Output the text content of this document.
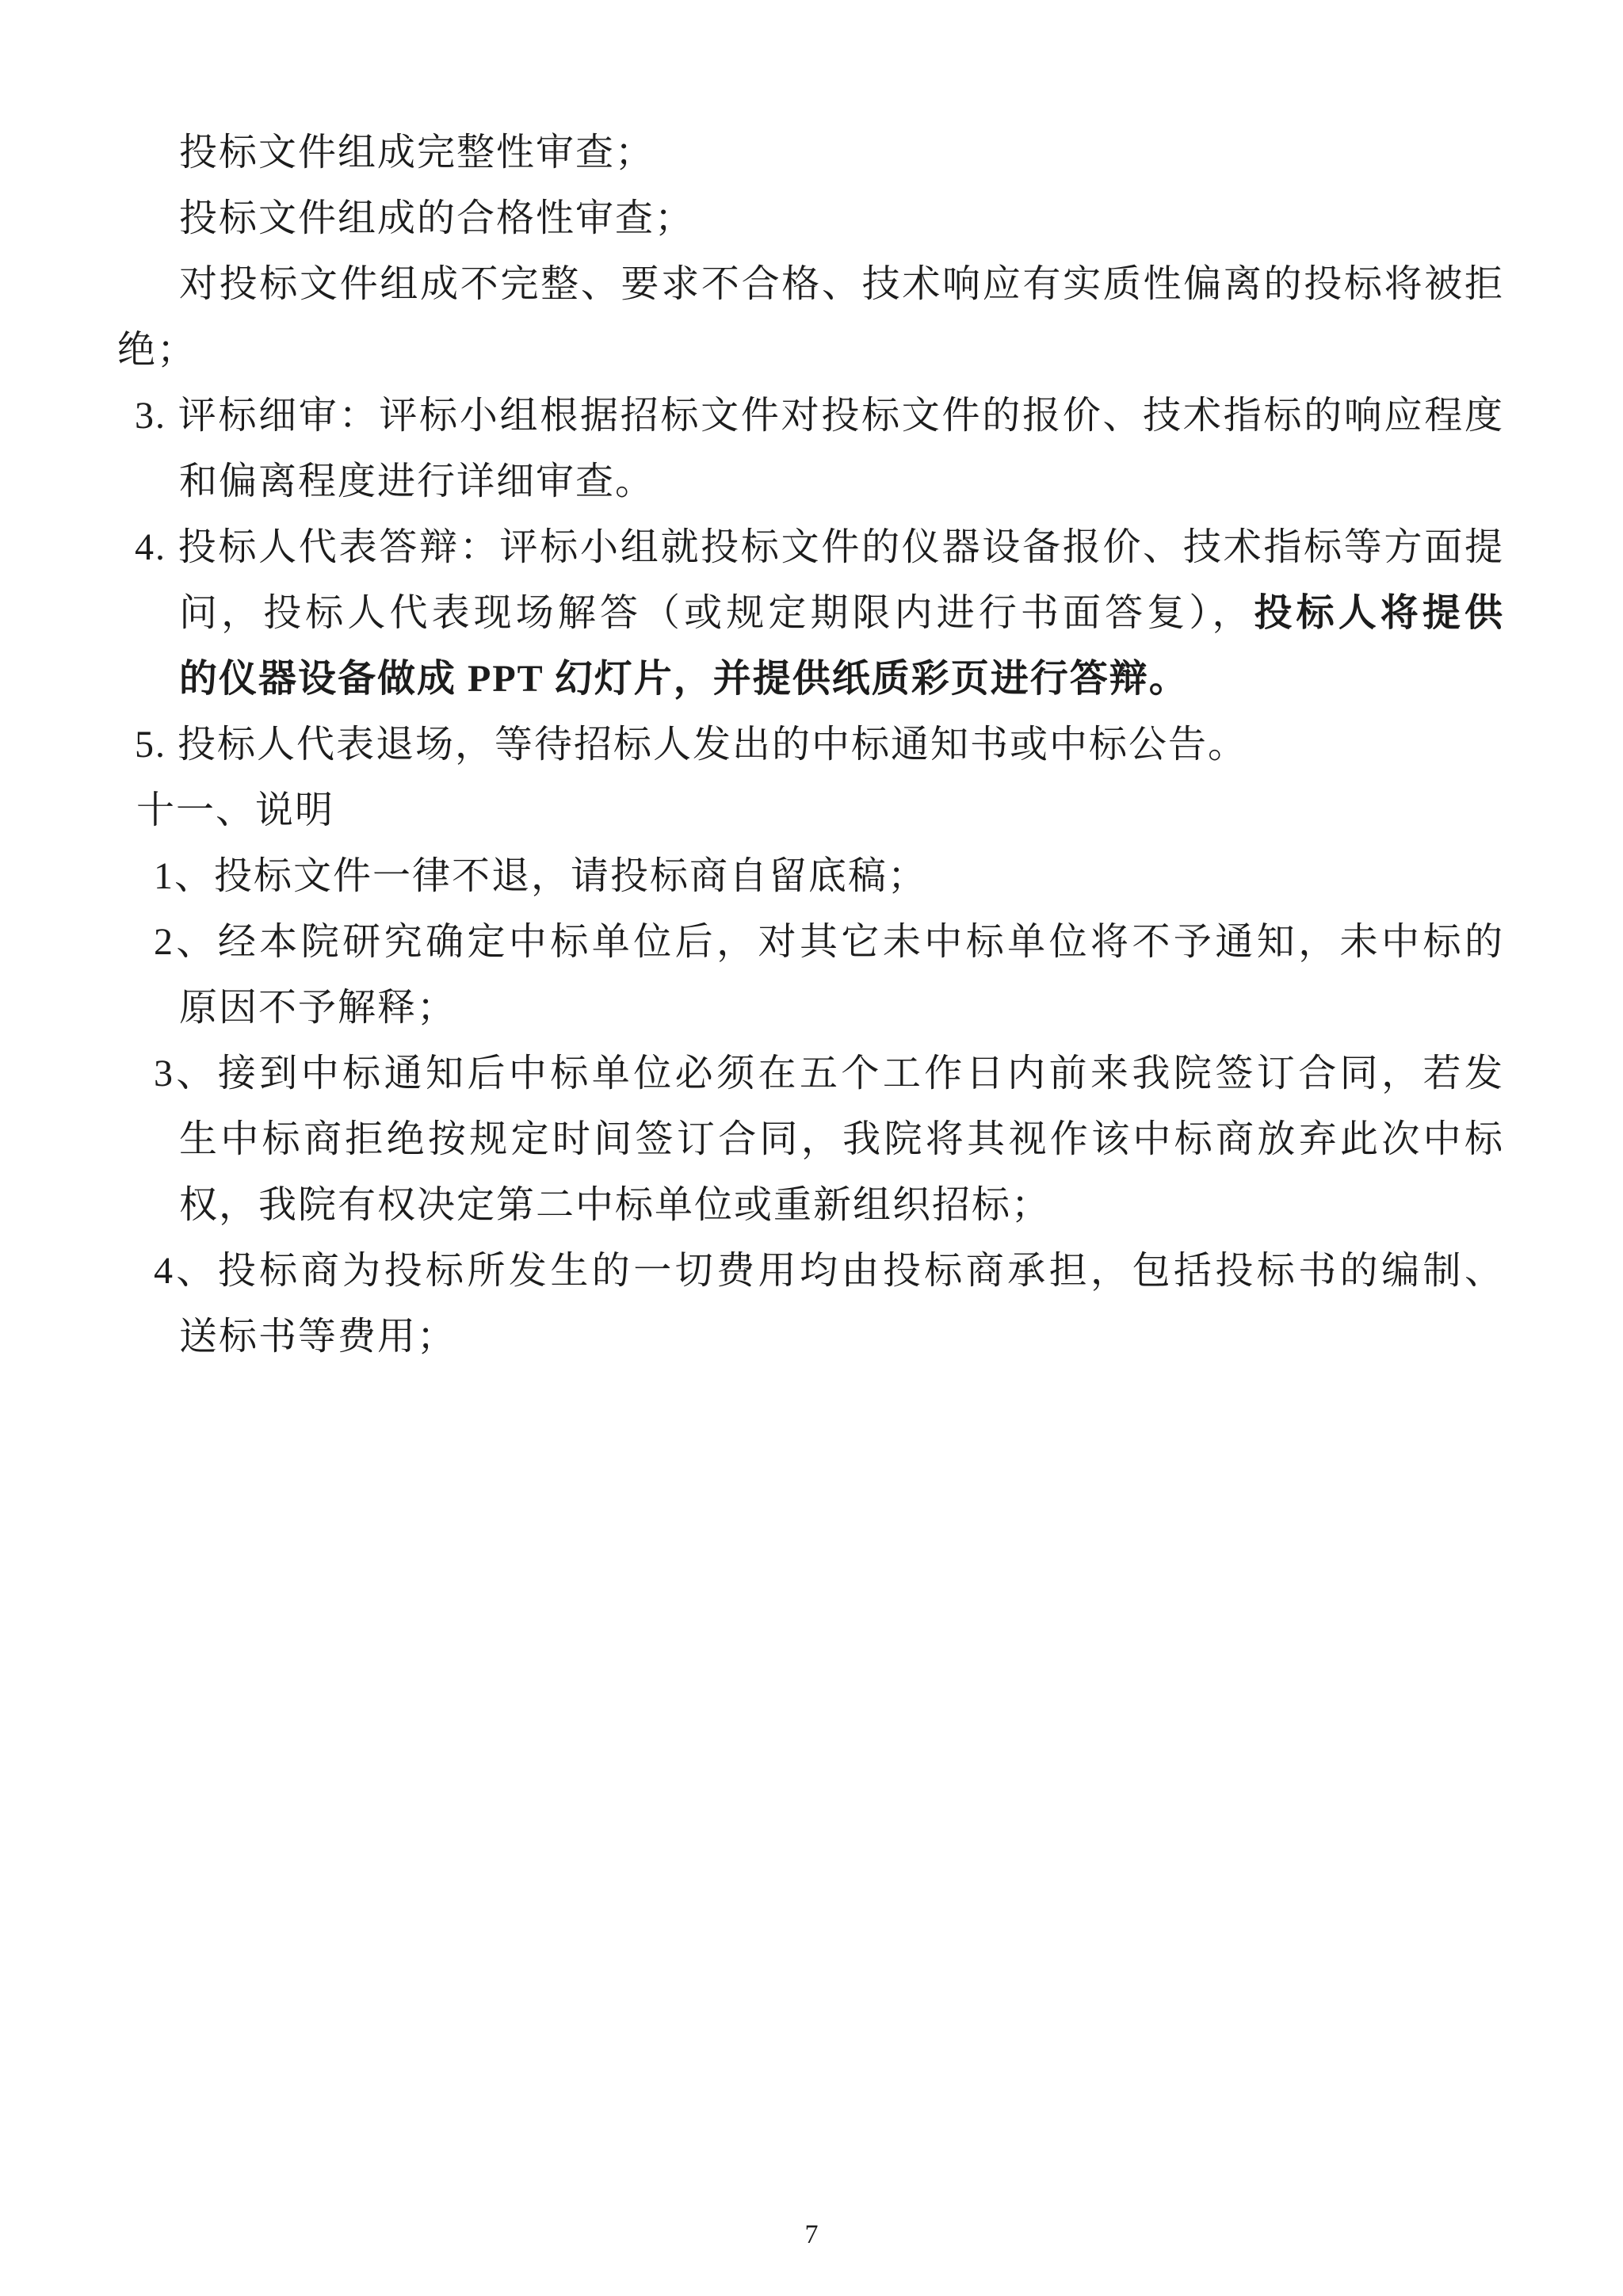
投标文件组成完整性审查；

投标文件组成的合格性审查；

对投标文件组成不完整、要求不合格、技术响应有实质性偏离的投标将被拒

绝；

3. 评标细审：评标小组根据招标文件对投标文件的报价、技术指标的响应程度

和偏离程度进行详细审查。

4. 投标人代表答辩：评标小组就投标文件的仪器设备报价、技术指标等方面提

问，投标人代表现场解答（或规定期限内进行书面答复），投标人将提供

的仪器设备做成 PPT 幻灯片，并提供纸质彩页进行答辩。

5. 投标人代表退场，等待招标人发出的中标通知书或中标公告。

十一、说明

1、投标文件一律不退，请投标商自留底稿；

2、经本院研究确定中标单位后，对其它未中标单位将不予通知，未中标的

原因不予解释；

3、接到中标通知后中标单位必须在五个工作日内前来我院签订合同，若发

生中标商拒绝按规定时间签订合同，我院将其视作该中标商放弃此次中标

权，我院有权决定第二中标单位或重新组织招标；

4、投标商为投标所发生的一切费用均由投标商承担，包括投标书的编制、

送标书等费用；

7
